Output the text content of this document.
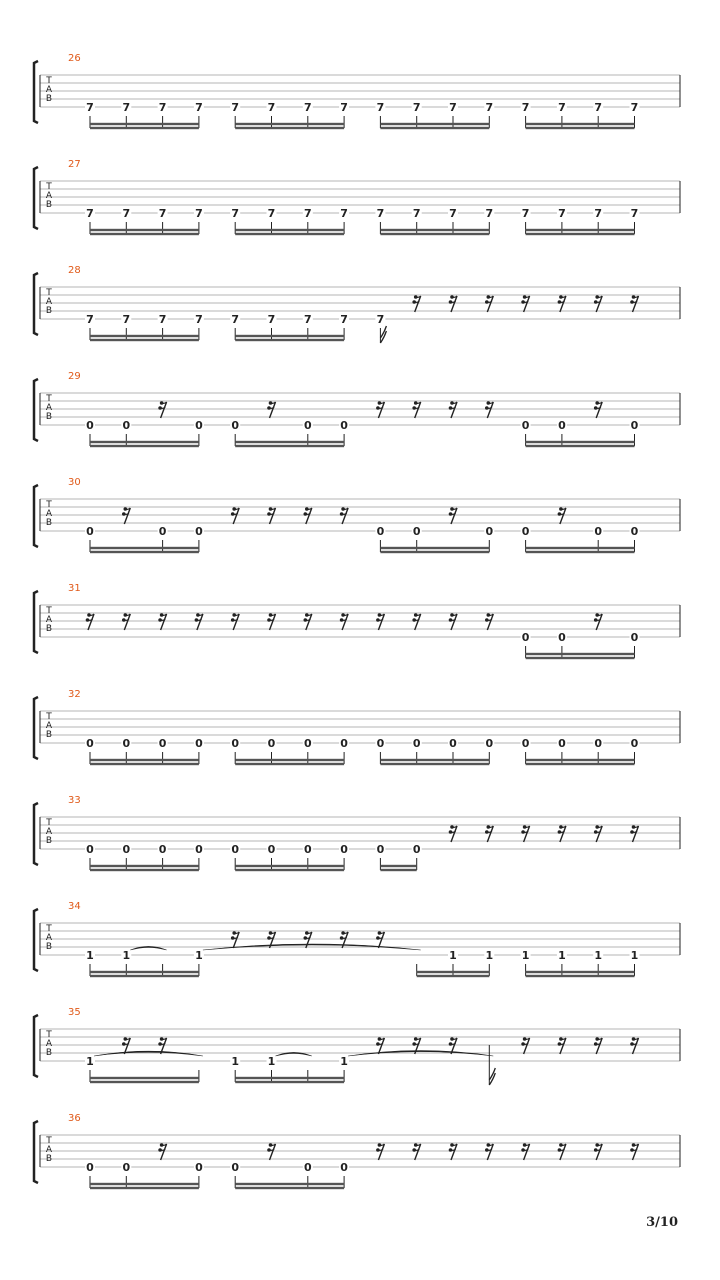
26
T
A
B
7	7	7	7	7	7	7	7	7	7	7	7	7	7	7	7
27
T
A
B
7	7	7	7	7	7	7	7	7	7	7	7	7	7	7	7
28
T
A
B
7	7	7	7	7	7	7	7	7
29
T
A
B
0	0	0	0	0	0	0	0	0
30
T
A
B
0	0	0	0	0	0	0	0	0
31
T
A
B
0	0	0
32
T
A
B
0	0	0	0	0	0	0	0	0	0	0	0	0	0	0	0
33
T
A
B
0	0	0	0	0	0	0	0	0	0
34
T
A
B
1	1	1	1	1	1	1	1	1
35
T
A
B
1	1	1	1
36
T
A
B
0	0	0	0	0	0
3/10
